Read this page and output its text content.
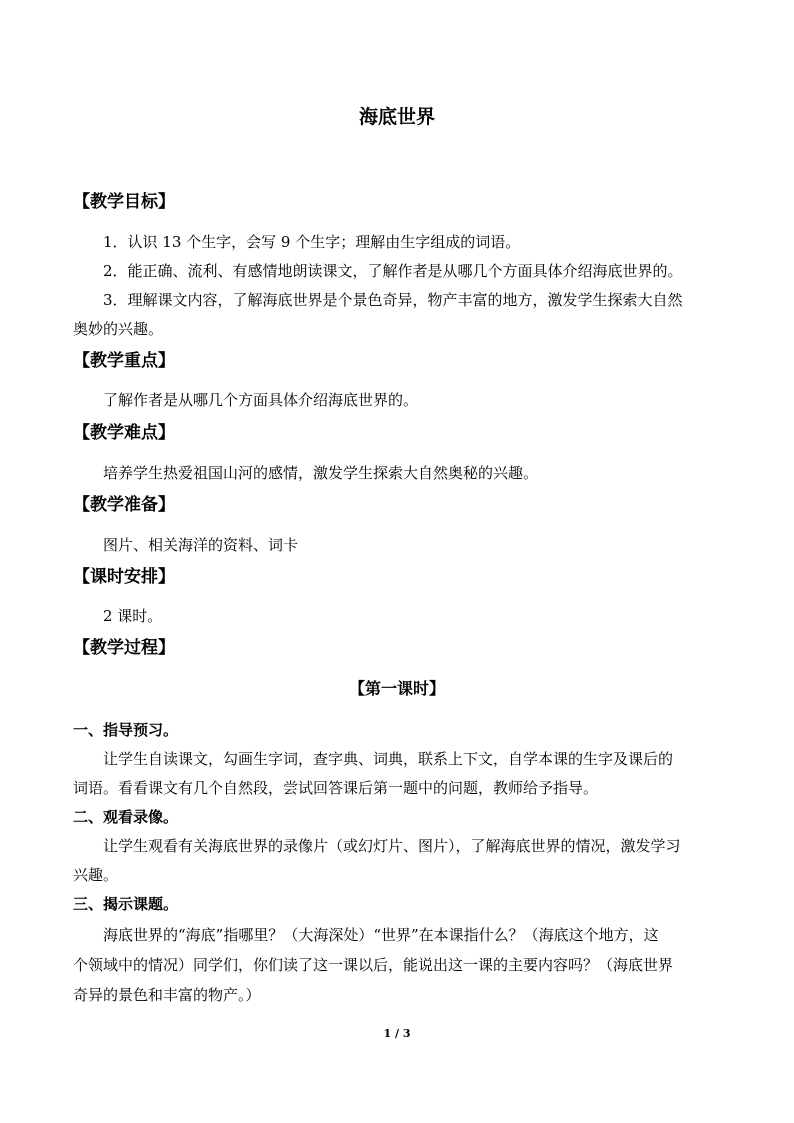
海底世界
【教学目标】
1．认识 13 个生字，会写 9 个生字；理解由生字组成的词语。
2．能正确、流利、有感情地朗读课文，了解作者是从哪几个方面具体介绍海底世界的。
3．理解课文内容，了解海底世界是个景色奇异，物产丰富的地方，激发学生探索大自然
奥妙的兴趣。
【教学重点】
了解作者是从哪几个方面具体介绍海底世界的。
【教学难点】
培养学生热爱祖国山河的感情，激发学生探索大自然奥秘的兴趣。
【教学准备】
图片、相关海洋的资料、词卡
【课时安排】
2 课时。
【教学过程】
【第一课时】
一、指导预习。
让学生自读课文，勾画生字词，查字典、词典，联系上下文，自学本课的生字及课后的
词语。看看课文有几个自然段，尝试回答课后第一题中的问题，教师给予指导。
二、观看录像。
让学生观看有关海底世界的录像片（或幻灯片、图片），了解海底世界的情况，激发学习
兴趣。
三、揭示课题。
海底世界的“海底”指哪里？（大海深处）“世界”在本课指什么？（海底这个地方，这
个领域中的情况）同学们，你们读了这一课以后，能说出这一课的主要内容吗？（海底世界
奇异的景色和丰富的物产。）
1 / 3
